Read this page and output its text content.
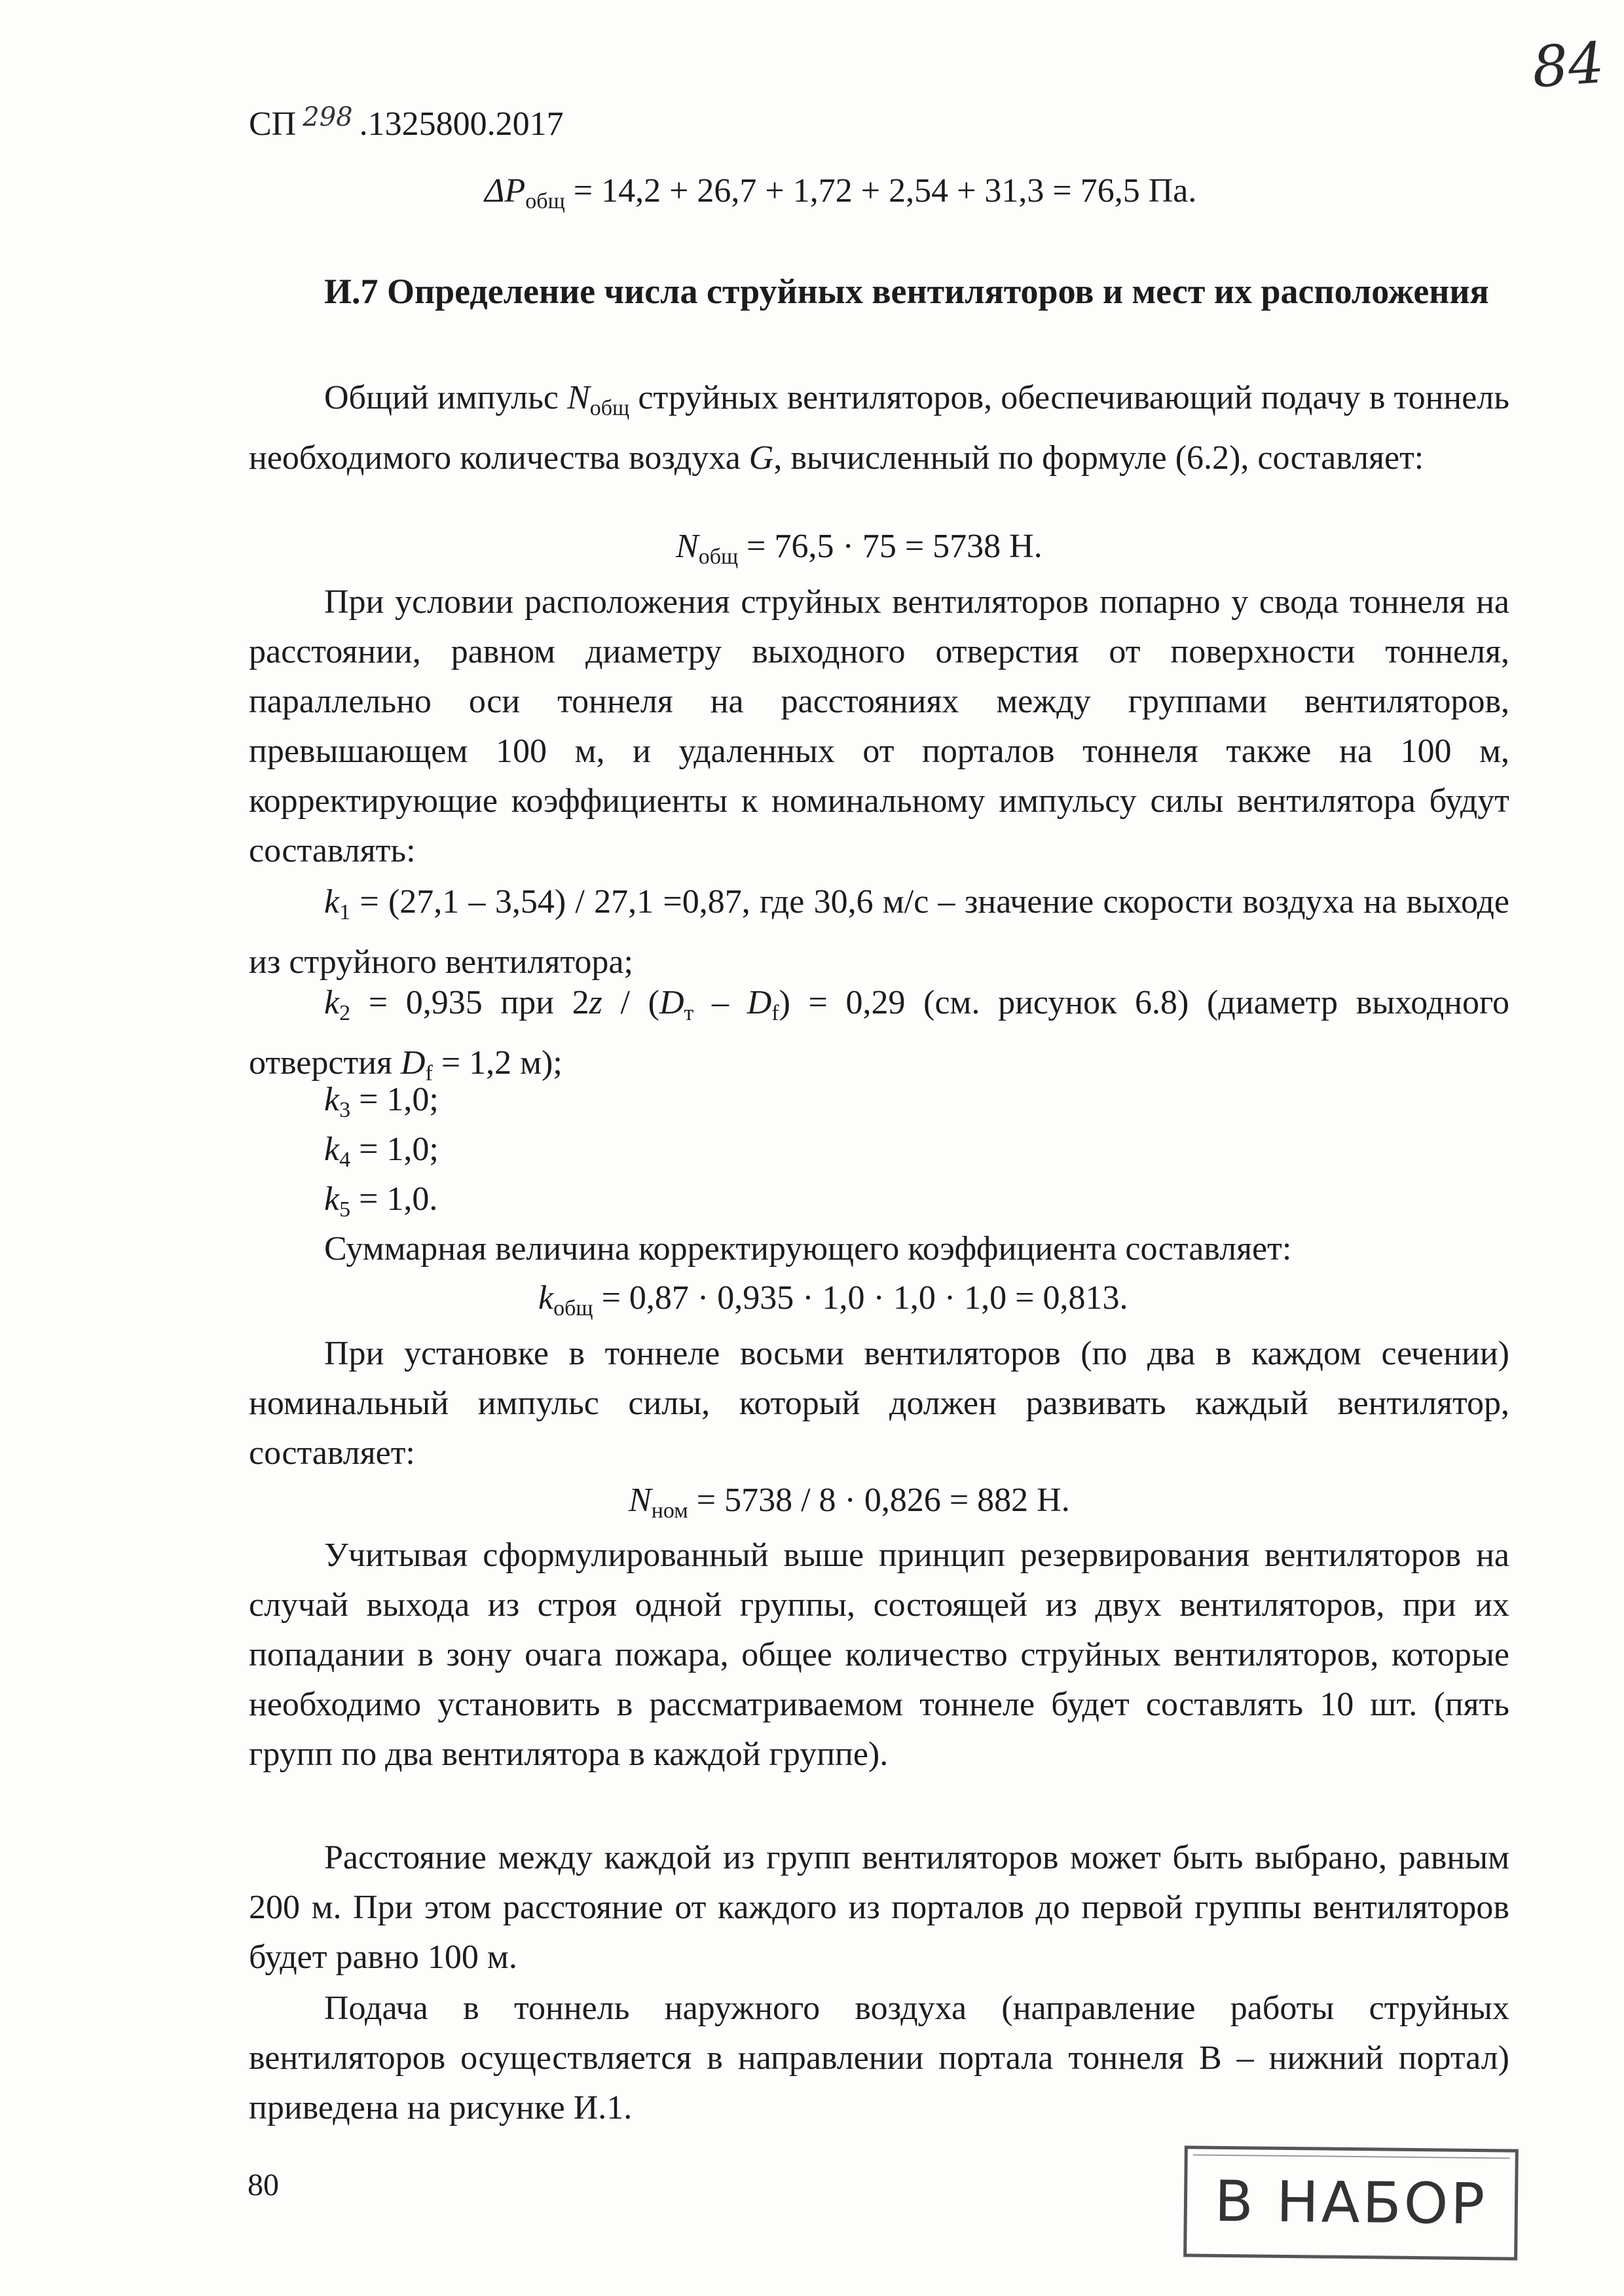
84
СП 298 .1325800.2017
$\Delta P_{общ} = 14,2 + 26,7 + 1,72 + 2,54 + 31,3 = 76,5$ Па.
И.7 Определение числа струйных вентиляторов и мест их расположения
Общий импульс $N_{общ}$ струйных вентиляторов, обеспечивающий подачу в тоннель необходимого количества воздуха G, вычисленный по формуле (6.2), составляет:
$N_{общ} = 76,5 \cdot 75 = 5738$ Н.
При условии расположения струйных вентиляторов попарно у свода тоннеля на расстоянии, равном диаметру выходного отверстия от поверхности тоннеля, параллельно оси тоннеля на расстояниях между группами вентиляторов, превышающем 100 м, и удаленных от порталов тоннеля также на 100 м, корректирующие коэффициенты к номинальному импульсу силы вентилятора будут составлять:
$k_1 = (27,1 - 3,54) / 27,1 =0,87$, где 30,6 м/с – значение скорости воздуха на выходе из струйного вентилятора;
$k_2 = 0,935$ при $2z / (D_т - D_f) = 0,29$ (см. рисунок 6.8) (диаметр выходного отверстия $D_f = 1,2$ м);
$k_3 = 1,0$;
$k_4 = 1,0$;
$k_5 = 1,0$.
Суммарная величина корректирующего коэффициента составляет:
$k_{общ} = 0,87 \cdot 0,935 \cdot 1,0 \cdot 1,0 \cdot 1,0 = 0,813$.
При установке в тоннеле восьми вентиляторов (по два в каждом сечении) номинальный импульс силы, который должен развивать каждый вентилятор, составляет:
$N_{ном} = 5738 / 8 \cdot 0,826 = 882$ Н.
Учитывая сформулированный выше принцип резервирования вентиляторов на случай выхода из строя одной группы, состоящей из двух вентиляторов, при их попадании в зону очага пожара, общее количество струйных вентиляторов, которые необходимо установить в рассматриваемом тоннеле будет составлять 10 шт. (пять групп по два вентилятора в каждой группе).
Расстояние между каждой из групп вентиляторов может быть выбрано, равным 200 м. При этом расстояние от каждого из порталов до первой группы вентиляторов будет равно 100 м.
Подача в тоннель наружного воздуха (направление работы струйных вентиляторов осуществляется в направлении портала тоннеля В – нижний портал) приведена на рисунке И.1.
80	В НАБОР
